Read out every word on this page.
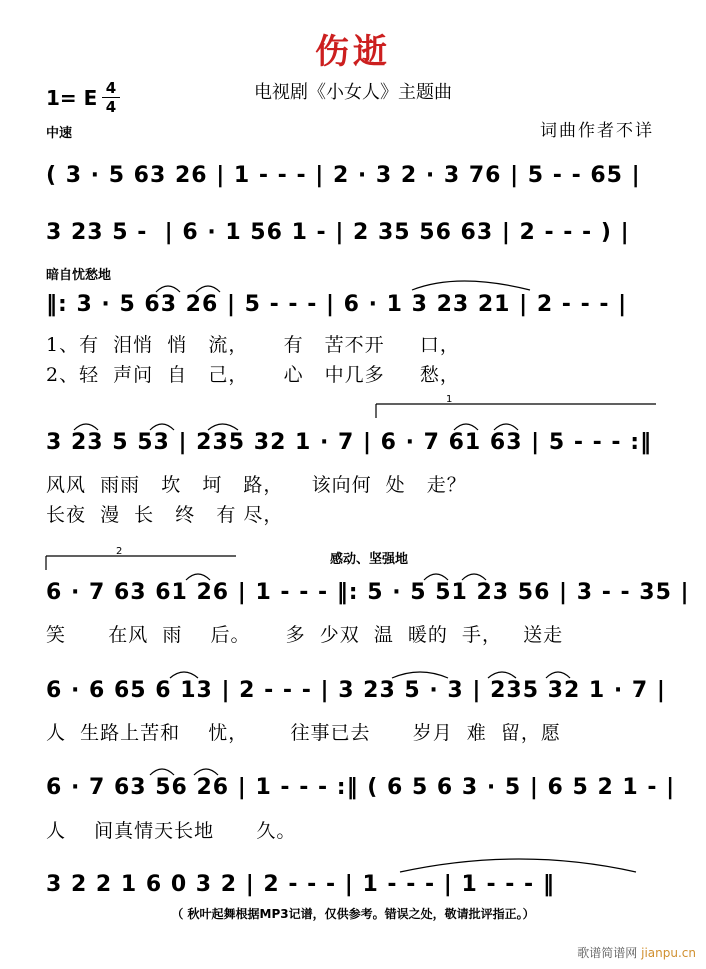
伤逝
电视剧《小女人》主题曲
1= E 4
4
中速	词曲作者不详
( 3 · 5 63 26 | 1 - - - | 2 · 3 2 · 3 76 | 5 - - 65 |
3 23 5 -  | 6 · 1 56 1 - | 2 35 56 63 | 2 - - - ) |
暗自忧愁地
‖: 3 · 5 63 26 | 5 - - - | 6 · 1 3 23 21 | 2 - - - |
1、有  泪悄  悄   流，     有   苦不开     口，
2、轻  声问  自   己，     心   中几多     愁，
3 23 5 53 | 235 32 1 · 7 | 6 · 7 61 63 | 5 - - - :‖
风风  雨雨   坎   坷   路，    该向何  处   走？
长夜  漫  长   终   有 尽，
感动、坚强地
6 · 7 63 61 26 | 1 - - - ‖: 5 · 5 51 23 56 | 3 - - 35 |
笑      在风  雨    后。     多  少双  温  暖的  手，   送走
6 · 6 65 6 13 | 2 - - - | 3 23 5 · 3 | 235 32 1 · 7 |
人  生路上苦和    忧，      往事已去      岁月  难  留，愿
6 · 7 63 56 26 | 1 - - - :‖ ( 6 5 6 3 · 5 | 6 5 2 1 - |
人    间真情天长地      久。
3 2 2 1 6 0 3 2 | 2 - - - | 1 - - - | 1 - - - ‖
（ 秋叶起舞根据MP3记谱，仅供参考。错误之处，敬请批评指正。）
歌谱简谱网 jianpu.cn
1
2
